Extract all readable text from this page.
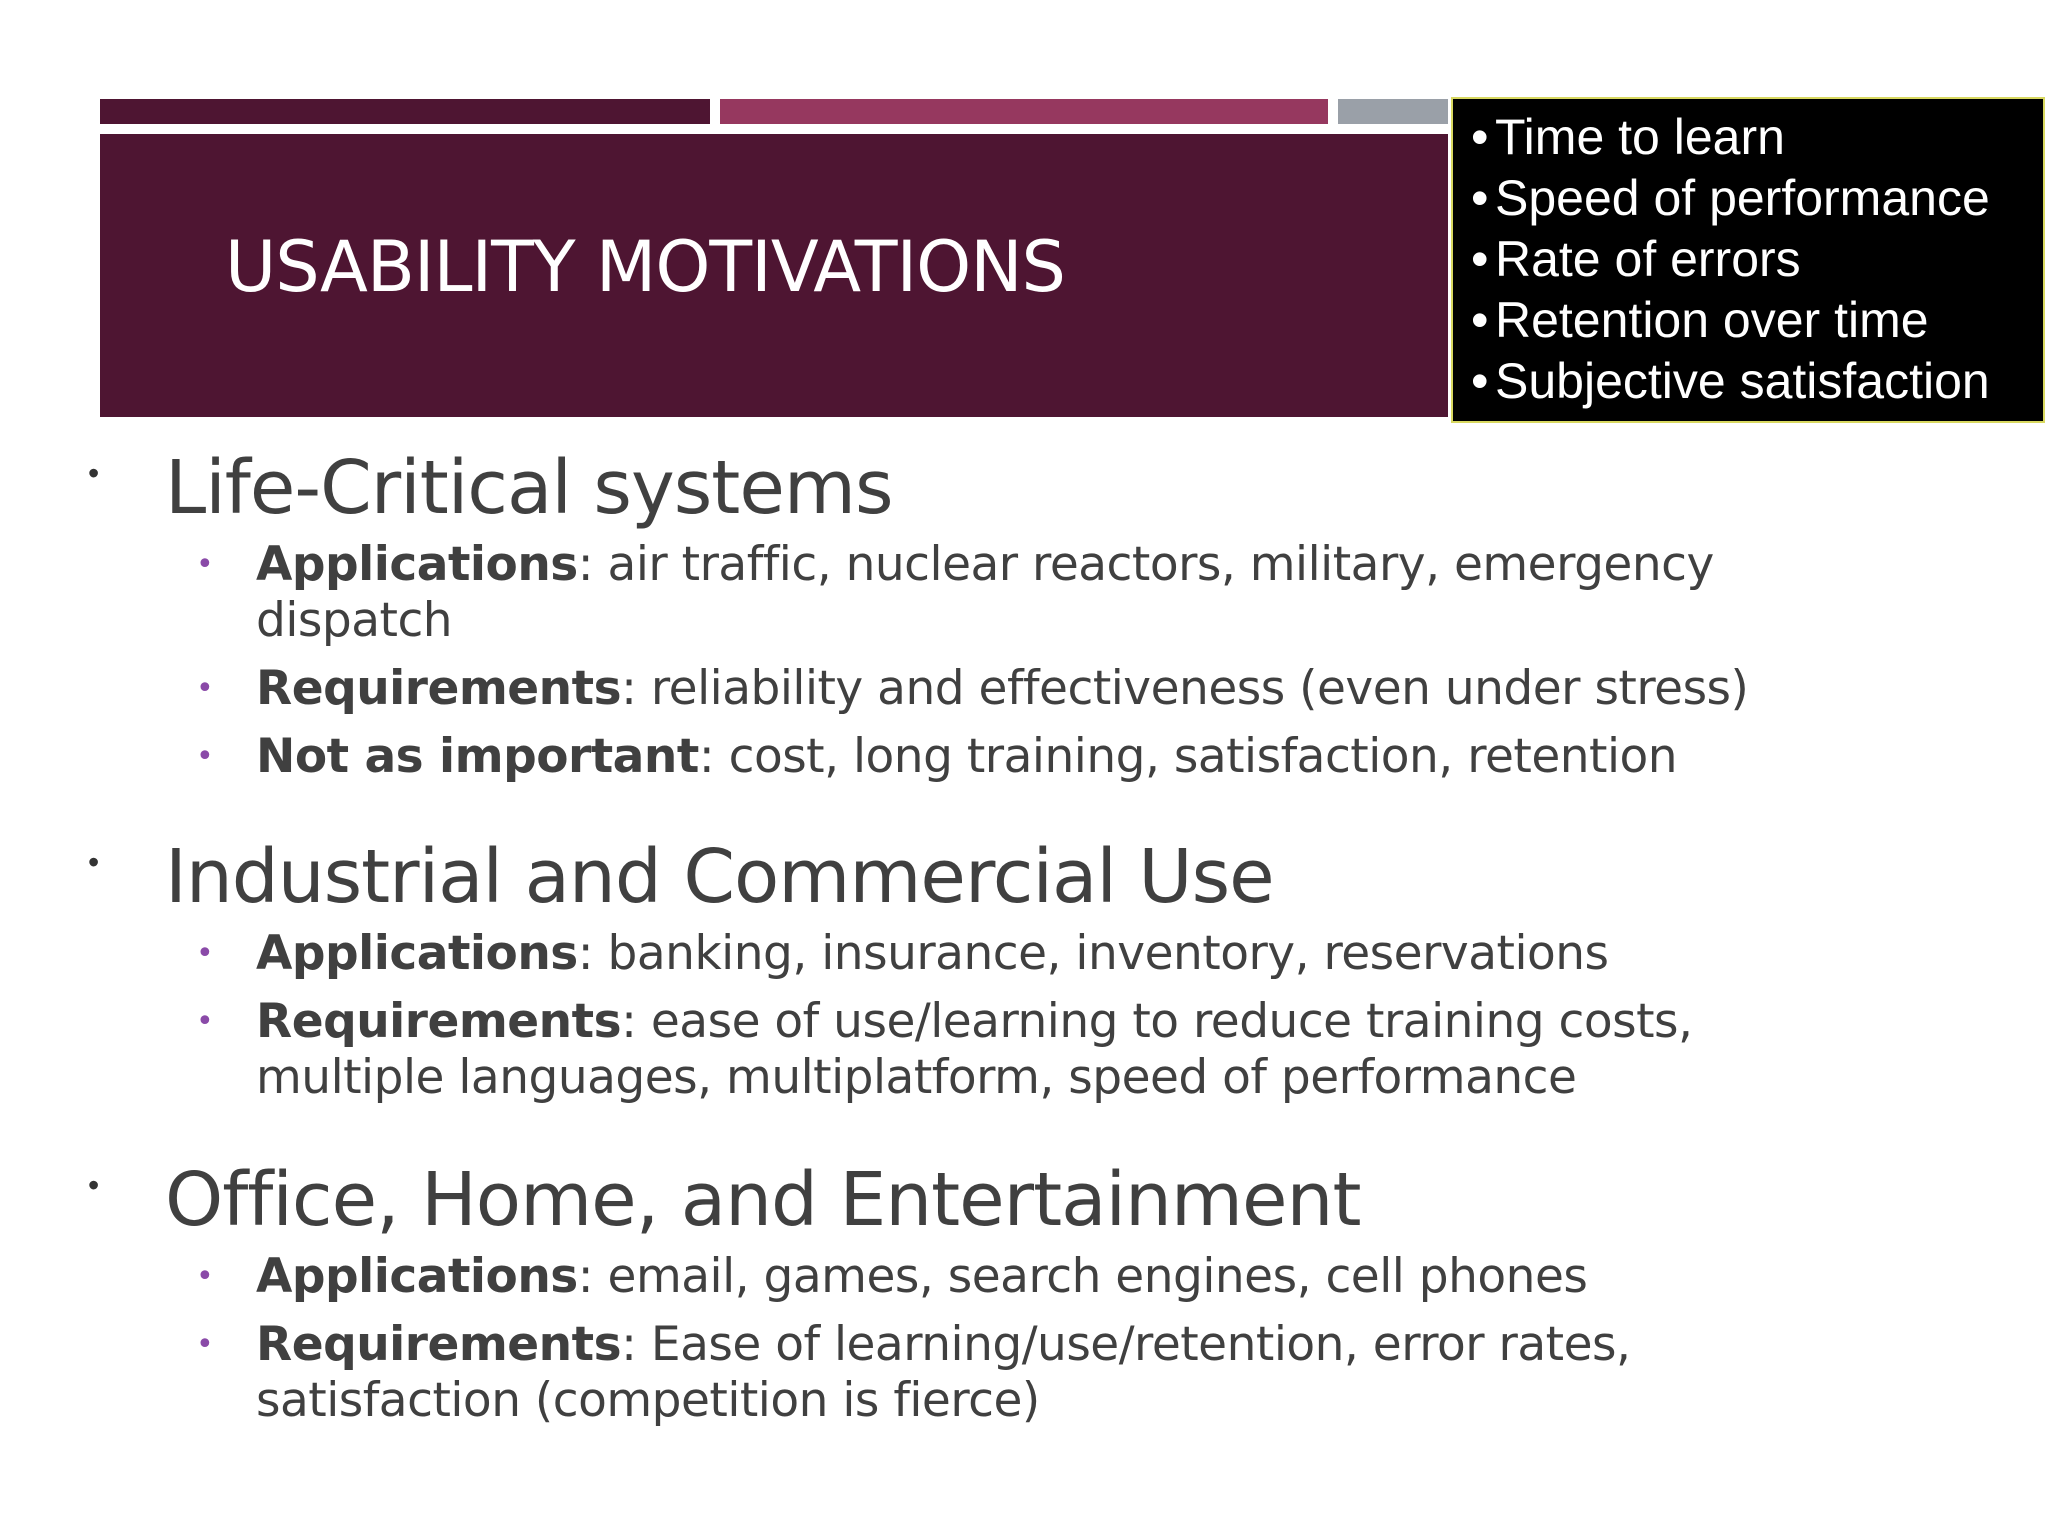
USABILITY MOTIVATIONS
• Time to learn
• Speed of performance
• Rate of errors
• Retention over time
• Subjective satisfaction
• Life-Critical systems
• Applications: air traffic, nuclear reactors, military, emergency dispatch
• Requirements: reliability and effectiveness (even under stress)
• Not as important: cost, long training, satisfaction, retention
• Industrial and Commercial Use
• Applications: banking, insurance, inventory, reservations
• Requirements: ease of use/learning to reduce training costs, multiple languages, multiplatform, speed of performance
• Office, Home, and Entertainment
• Applications: email, games, search engines, cell phones
• Requirements: Ease of learning/use/retention, error rates, satisfaction (competition is fierce)
